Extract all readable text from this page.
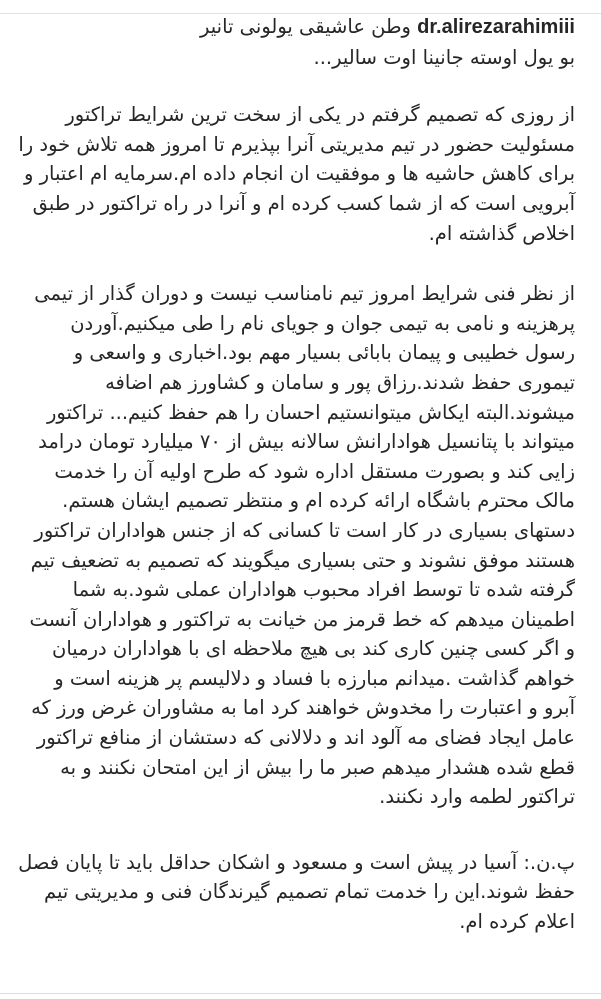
dr.alirezarahimiii وطن عاشیقی یولونی تانیر

بو یول اوسته جانینا اوت سالیر...

از روزی که تصمیم گرفتم در یکی از سخت ترین شرایط تراکتور مسئولیت حضور در تیم مدیریتی آنرا بپذیرم تا امروز همه تلاش خود را برای کاهش حاشیه ها و موفقیت ان انجام داده ام.سرمایه ام اعتبار و آبرویی است که از شما کسب کرده ام و آنرا در راه تراکتور در طبق اخلاص گذاشته ام.

از نظر فنی شرایط امروز تیم نامناسب نیست و دوران گذار از تیمی پرهزینه و نامی به تیمی جوان و جویای نام را طی میکنیم.آوردن رسول خطیبی و پیمان بابائی بسیار مهم بود.اخباری و واسعی و تیموری حفظ شدند.رزاق پور و سامان و کشاورز هم اضافه میشوند.البته ایکاش میتوانستیم احسان را هم حفظ کنیم... تراکتور میتواند با پتانسیل هوادارانش سالانه بیش از ۷۰ میلیارد تومان درامد زایی کند و بصورت مستقل اداره شود که طرح اولیه آن را خدمت مالک محترم باشگاه ارائه کرده ام و منتظر تصمیم ایشان هستم.

دستهای بسیاری در کار است تا کسانی که از جنس هواداران تراکتور هستند موفق نشوند و حتی بسیاری میگویند که تصمیم به تضعیف تیم گرفته شده تا توسط افراد محبوب هواداران عملی شود.به شما اطمینان میدهم که خط قرمز من خیانت به تراکتور و هواداران آنست و اگر کسی چنین کاری کند بی هیچ ملاحظه ای با هواداران درمیان خواهم گذاشت .میدانم مبارزه با فساد و دلالیسم پر هزینه است و آبرو و اعتبارت را مخدوش خواهند کرد اما به مشاوران غرض ورز که عامل ایجاد فضای مه آلود اند و دلالانی که دستشان از منافع تراکتور قطع شده هشدار میدهم صبر ما را بیش از این امتحان نکنند و به تراکتور لطمه وارد نکنند.

پ.ن.: آسیا در پیش است و مسعود و اشکان حداقل باید تا پایان فصل حفظ شوند.این را خدمت تمام تصمیم گیرندگان فنی و مدیریتی تیم اعلام کرده ام.
